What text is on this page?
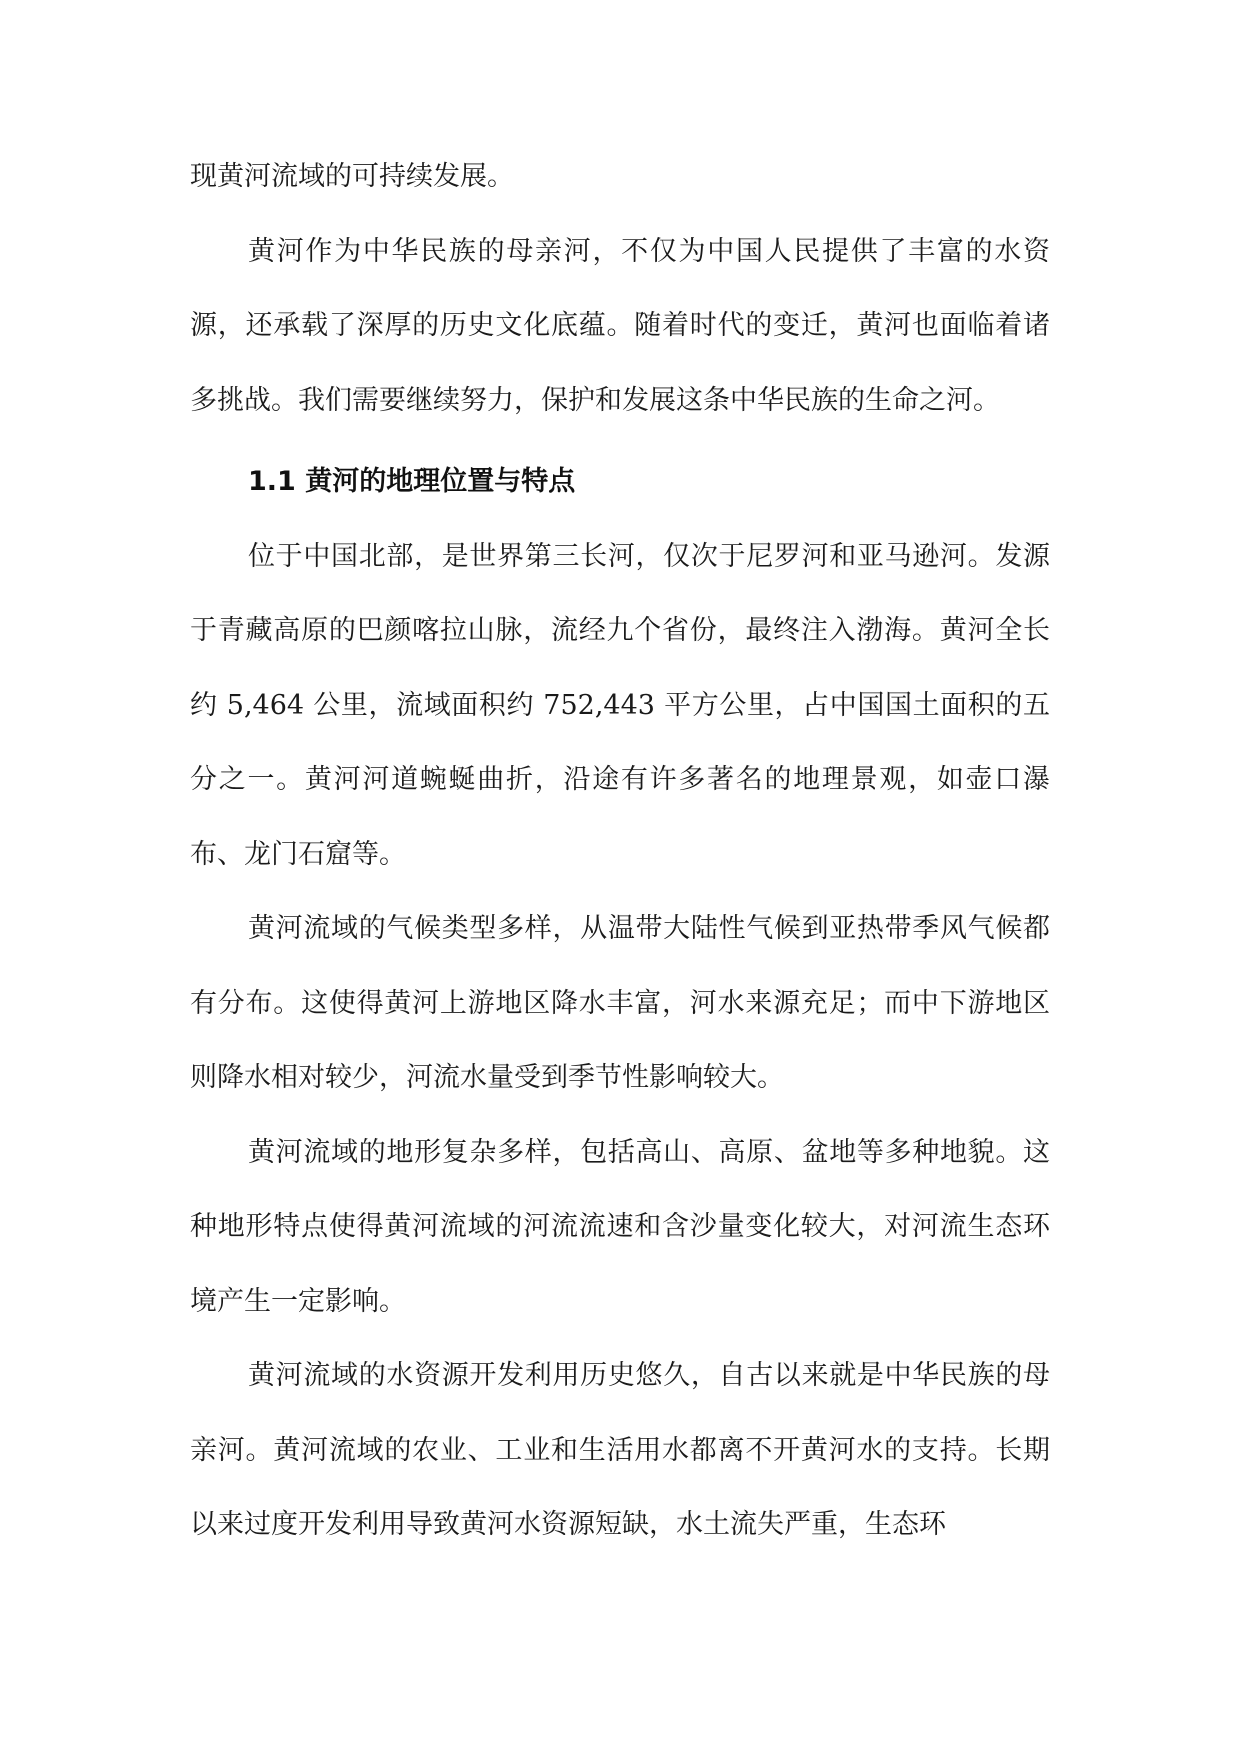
现黄河流域的可持续发展。

黄河作为中华民族的母亲河，不仅为中国人民提供了丰富的水资源，还承载了深厚的历史文化底蕴。随着时代的变迁，黄河也面临着诸多挑战。我们需要继续努力，保护和发展这条中华民族的生命之河。

1.1 黄河的地理位置与特点

位于中国北部，是世界第三长河，仅次于尼罗河和亚马逊河。发源于青藏高原的巴颜喀拉山脉，流经九个省份，最终注入渤海。黄河全长约 5,464 公里，流域面积约 752,443 平方公里，占中国国土面积的五分之一。黄河河道蜿蜒曲折，沿途有许多著名的地理景观，如壶口瀑布、龙门石窟等。

黄河流域的气候类型多样，从温带大陆性气候到亚热带季风气候都有分布。这使得黄河上游地区降水丰富，河水来源充足；而中下游地区则降水相对较少，河流水量受到季节性影响较大。

黄河流域的地形复杂多样，包括高山、高原、盆地等多种地貌。这种地形特点使得黄河流域的河流流速和含沙量变化较大，对河流生态环境产生一定影响。

黄河流域的水资源开发利用历史悠久，自古以来就是中华民族的母亲河。黄河流域的农业、工业和生活用水都离不开黄河水的支持。长期以来过度开发利用导致黄河水资源短缺，水土流失严重，生态环
